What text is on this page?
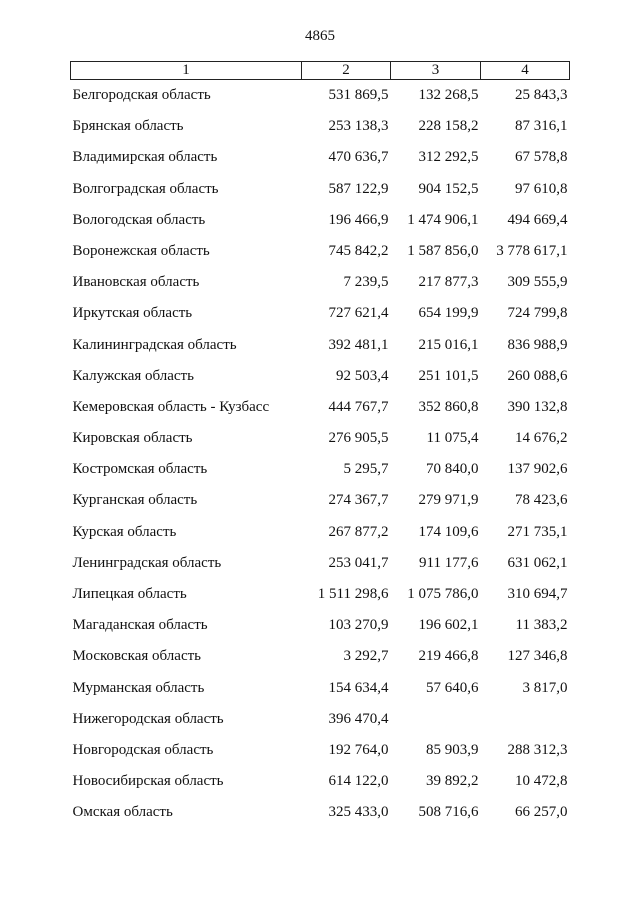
4865
1	2	3	4
Белгородская область	531 869,5	132 268,5	25 843,3
Брянская область	253 138,3	228 158,2	87 316,1
Владимирская область	470 636,7	312 292,5	67 578,8
Волгоградская область	587 122,9	904 152,5	97 610,8
Вологодская область	196 466,9	1 474 906,1	494 669,4
Воронежская область	745 842,2	1 587 856,0	3 778 617,1
Ивановская область	7 239,5	217 877,3	309 555,9
Иркутская область	727 621,4	654 199,9	724 799,8
Калининградская область	392 481,1	215 016,1	836 988,9
Калужская область	92 503,4	251 101,5	260 088,6
Кемеровская область - Кузбасс	444 767,7	352 860,8	390 132,8
Кировская область	276 905,5	11 075,4	14 676,2
Костромская область	5 295,7	70 840,0	137 902,6
Курганская область	274 367,7	279 971,9	78 423,6
Курская область	267 877,2	174 109,6	271 735,1
Ленинградская область	253 041,7	911 177,6	631 062,1
Липецкая область	1 511 298,6	1 075 786,0	310 694,7
Магаданская область	103 270,9	196 602,1	11 383,2
Московская область	3 292,7	219 466,8	127 346,8
Мурманская область	154 634,4	57 640,6	3 817,0
Нижегородская область	396 470,4		
Новгородская область	192 764,0	85 903,9	288 312,3
Новосибирская область	614 122,0	39 892,2	10 472,8
Омская область	325 433,0	508 716,6	66 257,0
